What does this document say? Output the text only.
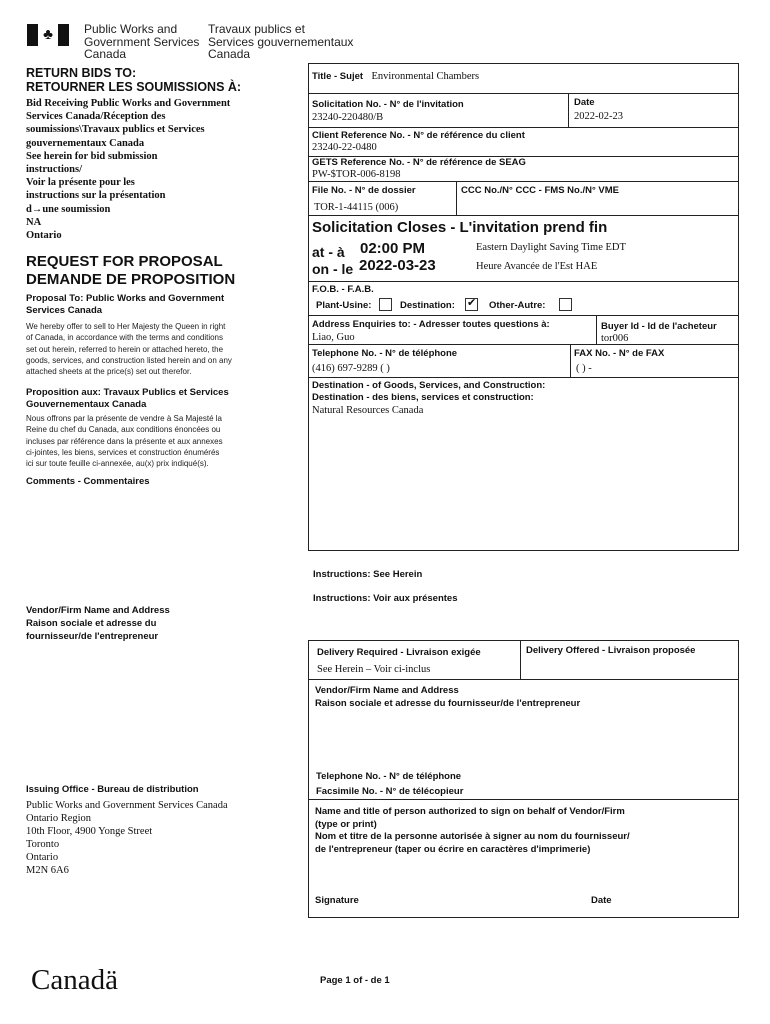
♣	Public Works and
Government Services
Canada
Travaux publics et
Services gouvernementaux
Canada
RETURN BIDS TO:
RETOURNER LES SOUMISSIONS À:
Bid Receiving Public Works and Government
Services Canada/Réception des
soumissions\Travaux publics et Services
gouvernementaux Canada
See herein for bid submission
instructions/
Voir la présente pour les
instructions sur la présentation
d→une soumission
NA
Ontario
REQUEST FOR PROPOSAL
DEMANDE DE PROPOSITION
Proposal To: Public Works and Government
Services Canada
We hereby offer to sell to Her Majesty the Queen in right
of Canada, in accordance with the terms and conditions
set out herein, referred to herein or attached hereto, the
goods, services, and construction listed herein and on any
attached sheets at the price(s) set out therefor.
Proposition aux: Travaux Publics et Services
Gouvernementaux Canada
Nous offrons par la présente de vendre à Sa Majesté la
Reine du chef du Canada, aux conditions énoncées ou
incluses par référence dans la présente et aux annexes
ci-jointes, les biens, services et construction énumérés
ici sur toute feuille ci-annexée, au(x) prix indiqué(s).
Comments - Commentaires
Vendor/Firm Name and Address
Raison sociale et adresse du
fournisseur/de l'entrepreneur
Issuing Office - Bureau de distribution
Public Works and Government Services Canada
Ontario Region
10th Floor, 4900 Yonge Street
Toronto
Ontario
M2N 6A6
Title - Sujet Environmental Chambers
Solicitation No. - N° de l'invitation
23240-220480/B
Date
2022-02-23
Client Reference No. - N° de référence du client
23240-22-0480
GETS Reference No. - N° de référence de SEAG
PW-$TOR-006-8198
File No. - N° de dossier
TOR-1-44115 (006)
CCC No./N° CCC - FMS No./N° VME
Solicitation Closes - L'invitation prend fin
at - à 02:00 PM
on - le 2022-03-23
Eastern Daylight Saving Time EDT
Heure Avancée de l'Est HAE
F.O.B. - F.A.B.
Plant-Usine:	Destination: ✔ Other-Autre:
Address Enquiries to: - Adresser toutes questions à:
Liao, Guo
Buyer Id - Id de l'acheteur
tor006
Telephone No. - N° de téléphone
(416) 697-9289 ( )
FAX No. - N° de FAX
( ) -
Destination - of Goods, Services, and Construction:
Destination - des biens, services et construction:
Natural Resources Canada
Instructions: See Herein
Instructions: Voir aux présentes
Delivery Required - Livraison exigée
See Herein – Voir ci-inclus
Delivery Offered - Livraison proposée
Vendor/Firm Name and Address
Raison sociale et adresse du fournisseur/de l'entrepreneur
Telephone No. - N° de téléphone
Facsimile No. - N° de télécopieur
Name and title of person authorized to sign on behalf of Vendor/Firm
(type or print)
Nom et titre de la personne autorisée à signer au nom du fournisseur/
de l'entrepreneur (taper ou écrire en caractères d'imprimerie)
Signature	Date
Canadä	Page 1 of - de 1
